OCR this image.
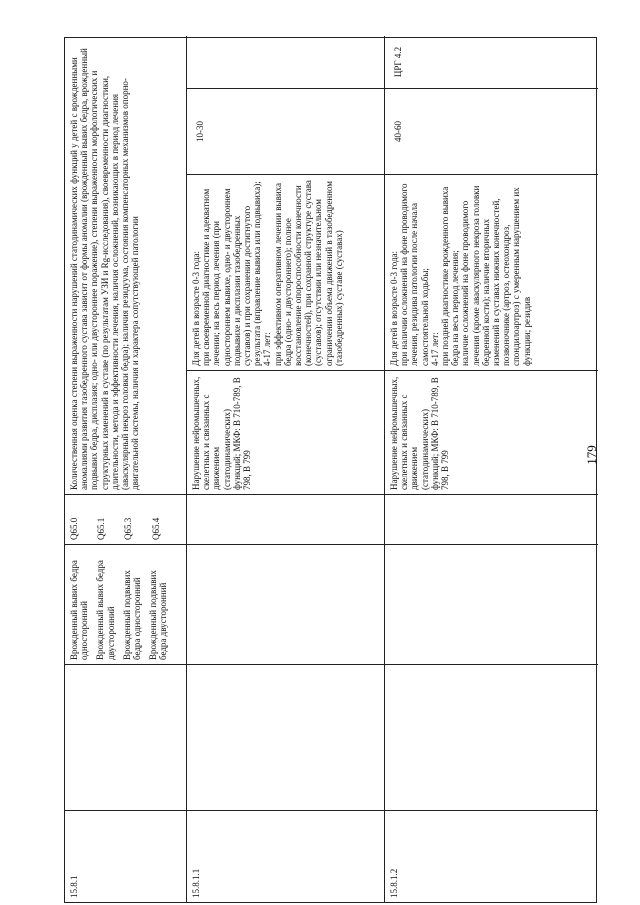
179
15.8.1
Врожденный вывих бедра односторонний Врожденный вывих бедра двусторонний Врожденный подвывих бедра односторонний Врожденный подвывих бедра двусторонний
Q65.0 Q65.1 Q65.3 Q65.4
Количественная оценка степени выраженности нарушений статодинамических функций у детей с врожденными аномалиями развития тазобедренного сустава зависит от формы аномалии (врожденный вывих бедра, врожденный подвывих бедра, дисплазия; одно- или двустороннее поражение), степени выраженности морфологических и структурных изменений в суставе (по результатам УЗИ и Rg-исследования), своевременности диагностики, длительности, метода и эффективности лечения, наличия осложнений, возникающих в период лечения (аваскулярный некроз головки бедра); наличия резидуума, состояния компенсаторных механизмов опорно-двигательной системы, наличия и характера сопутствующей патологии
15.8.1.1
Нарушение нейромышечных, скелетных и связанных с движением (статодинамических) функций; МКФ: В 710-789, В 798, В 799
Для детей в возрасте 0-3 года: при своевременной диагностике и адекватном лечении; на весь период лечения (при одностороннем вывихе, одно- и двустороннем подвывихе и дисплазии тазобедренных суставов) и при сохранении достигнутого результата (вправление вывиха или подвывиха); 4-17 лет: при эффективном оперативном лечении вывиха бедра (одно- и двустороннего); полное восстановление опороспособности конечности (конечностей), при сохранной структуре сустава (суставов); отсутствии или незначительном ограничении объема движений в тазобедренном (тазобедренных) суставе (суставах)
10-30
15.8.1.2
Нарушение нейромышечных, скелетных и связанных с движением (статодинамических) функций; МКФ: В 710-789, В 798, В 799
Для детей в возрасте 0-3 года: при наличии осложнений на фоне проводимого лечения, резидива патологии после начала самостоятельной ходьбы; 4-17 лет: при поздней диагностике врожденного вывиха бедра на весь период лечения; наличие осложнений на фоне проводимого лечения (кроме аваскулярного некроза головки бедренной кости); наличие вторичных изменений в суставах нижних конечностей, позвоночнике (артроз, остеохондроз, спондилоартроз) с умеренным нарушением их функции; резидив
40-60
ЦРГ 4.2
